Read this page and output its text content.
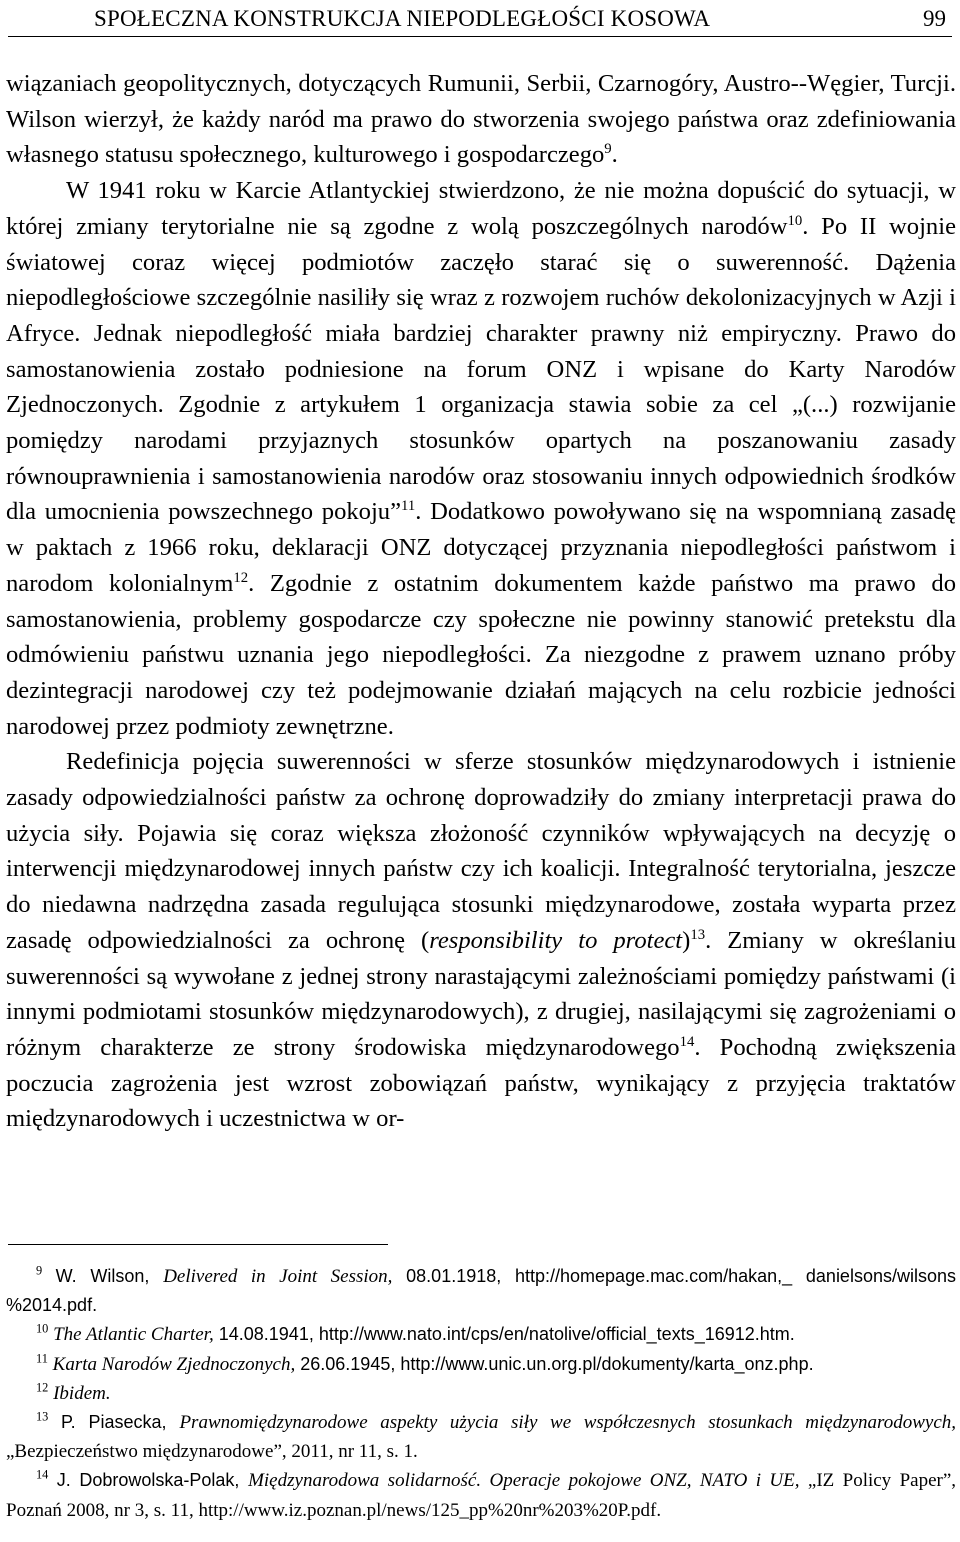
SPOŁECZNA KONSTRUKCJA NIEPODLEGŁOŚCI KOSOWA	99

wiązaniach geopolitycznych, dotyczących Rumunii, Serbii, Czarnogóry, Austro--Węgier, Turcji. Wilson wierzył, że każdy naród ma prawo do stworzenia swojego państwa oraz zdefiniowania własnego statusu społecznego, kulturowego i gospodarczego$^9$.

W 1941 roku w Karcie Atlantyckiej stwierdzono, że nie można dopuścić do sytuacji, w której zmiany terytorialne nie są zgodne z wolą poszczególnych narodów$^{10}$. Po II wojnie światowej coraz więcej podmiotów zaczęło starać się o suwerenność. Dążenia niepodległościowe szczególnie nasiliły się wraz z rozwojem ruchów dekolonizacyjnych w Azji i Afryce. Jednak niepodległość miała bardziej charakter prawny niż empiryczny. Prawo do samostanowienia zostało podniesione na forum ONZ i wpisane do Karty Narodów Zjednoczonych. Zgodnie z artykułem 1 organizacja stawia sobie za cel „(...) rozwijanie pomiędzy narodami przyjaznych stosunków opartych na poszanowaniu zasady równouprawnienia i samostanowienia narodów oraz stosowaniu innych odpowiednich środków dla umocnienia powszechnego pokoju”$^{11}$. Dodatkowo powoływano się na wspomnianą zasadę w paktach z 1966 roku, deklaracji ONZ dotyczącej przyznania niepodległości państwom i narodom kolonialnym$^{12}$. Zgodnie z ostatnim dokumentem każde państwo ma prawo do samostanowienia, problemy gospodarcze czy społeczne nie powinny stanowić pretekstu dla odmówieniu państwu uznania jego niepodległości. Za niezgodne z prawem uznano próby dezintegracji narodowej czy też podejmowanie działań mających na celu rozbicie jedności narodowej przez podmioty zewnętrzne.

Redefinicja pojęcia suwerenności w sferze stosunków międzynarodowych i istnienie zasady odpowiedzialności państw za ochronę doprowadziły do zmiany interpretacji prawa do użycia siły. Pojawia się coraz większa złożoność czynników wpływających na decyzję o interwencji międzynarodowej innych państw czy ich koalicji. Integralność terytorialna, jeszcze do niedawna nadrzędna zasada regulująca stosunki międzynarodowe, została wyparta przez zasadę odpowiedzialności za ochronę (responsibility to protect)$^{13}$. Zmiany w określaniu suwerenności są wywołane z jednej strony narastającymi zależnościami pomiędzy państwami (i innymi podmiotami stosunków międzynarodowych), z drugiej, nasilającymi się zagrożeniami o różnym charakterze ze strony środowiska międzynarodowego$^{14}$. Pochodną zwiększenia poczucia zagrożenia jest wzrost zobowiązań państw, wynikający z przyjęcia traktatów międzynarodowych i uczestnictwa w or-

$^9$ W. Wilson, Delivered in Joint Session, 08.01.1918, http://homepage.mac.com/hakan,_ danielsons/wilsons %2014.pdf.

$^{10}$ The Atlantic Charter, 14.08.1941, http://www.nato.int/cps/en/natolive/official_texts_16912.htm.

$^{11}$ Karta Narodów Zjednoczonych, 26.06.1945, http://www.unic.un.org.pl/dokumenty/karta_onz.php.

$^{12}$ Ibidem.

$^{13}$ P. Piasecka, Prawnomiędzynarodowe aspekty użycia siły we współczesnych stosunkach międzynarodowych, „Bezpieczeństwo międzynarodowe”, 2011, nr 11, s. 1.

$^{14}$ J. Dobrowolska-Polak, Międzynarodowa solidarność. Operacje pokojowe ONZ, NATO i UE, „IZ Policy Paper”, Poznań 2008, nr 3, s. 11, http://www.iz.poznan.pl/news/125_pp%20nr%203%20P.pdf.
